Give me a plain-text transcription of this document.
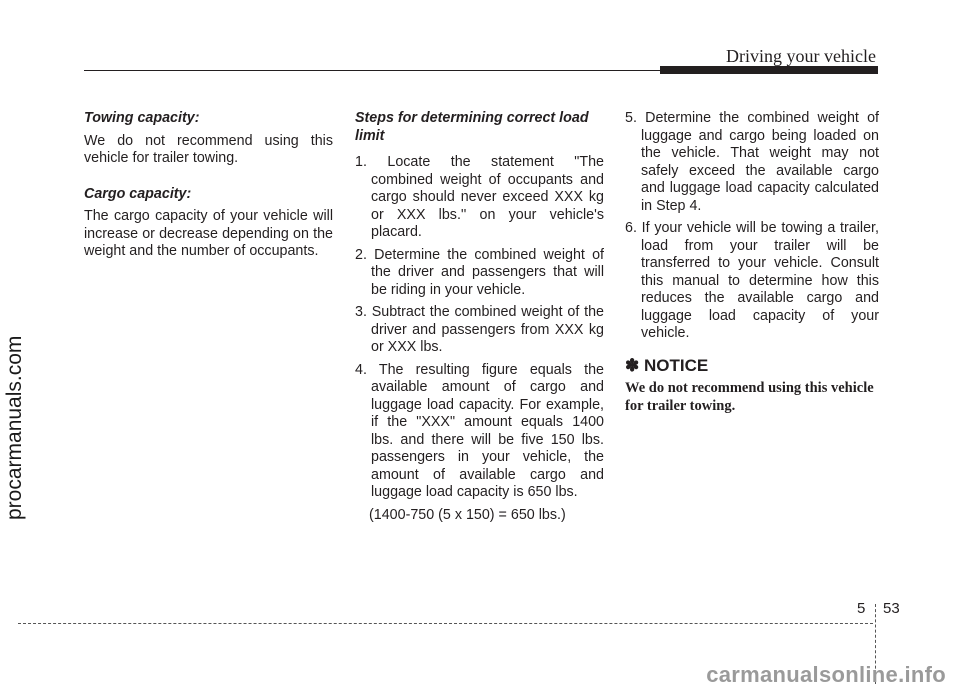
Driving your vehicle
procarmanuals.com

Towing capacity:

We do not recommend using this vehicle for trailer towing.

Cargo capacity:

The cargo capacity of your vehicle will increase or decrease depending on the weight and the number of occupants.

Steps for determining correct load limit

1. Locate the statement "The combined weight of occupants and cargo should never exceed XXX kg or XXX lbs.'' on your vehicle's placard.
2. Determine the combined weight of the driver and passengers that will be riding in your vehicle.
3. Subtract the combined weight of the driver and passengers from XXX kg or XXX lbs.
4. The resulting figure equals the available amount of cargo and luggage load capacity. For example, if the "XXX" amount equals 1400 lbs. and there will be five 150 lbs. passengers in your vehicle, the amount of available cargo and luggage load capacity is 650 lbs.

(1400-750 (5 x 150) = 650 lbs.)

5. Determine the combined weight of luggage and cargo being loaded on the vehicle. That weight may not safely exceed the available cargo and luggage load capacity calculated in Step 4.
6. If your vehicle will be towing a trailer, load from your trailer will be transferred to your vehicle. Consult this manual to determine how this reduces the available cargo and luggage load capacity of your vehicle.
✽ NOTICE

We do not recommend using this vehicle for trailer towing.

5 53
carmanualsonline.info
